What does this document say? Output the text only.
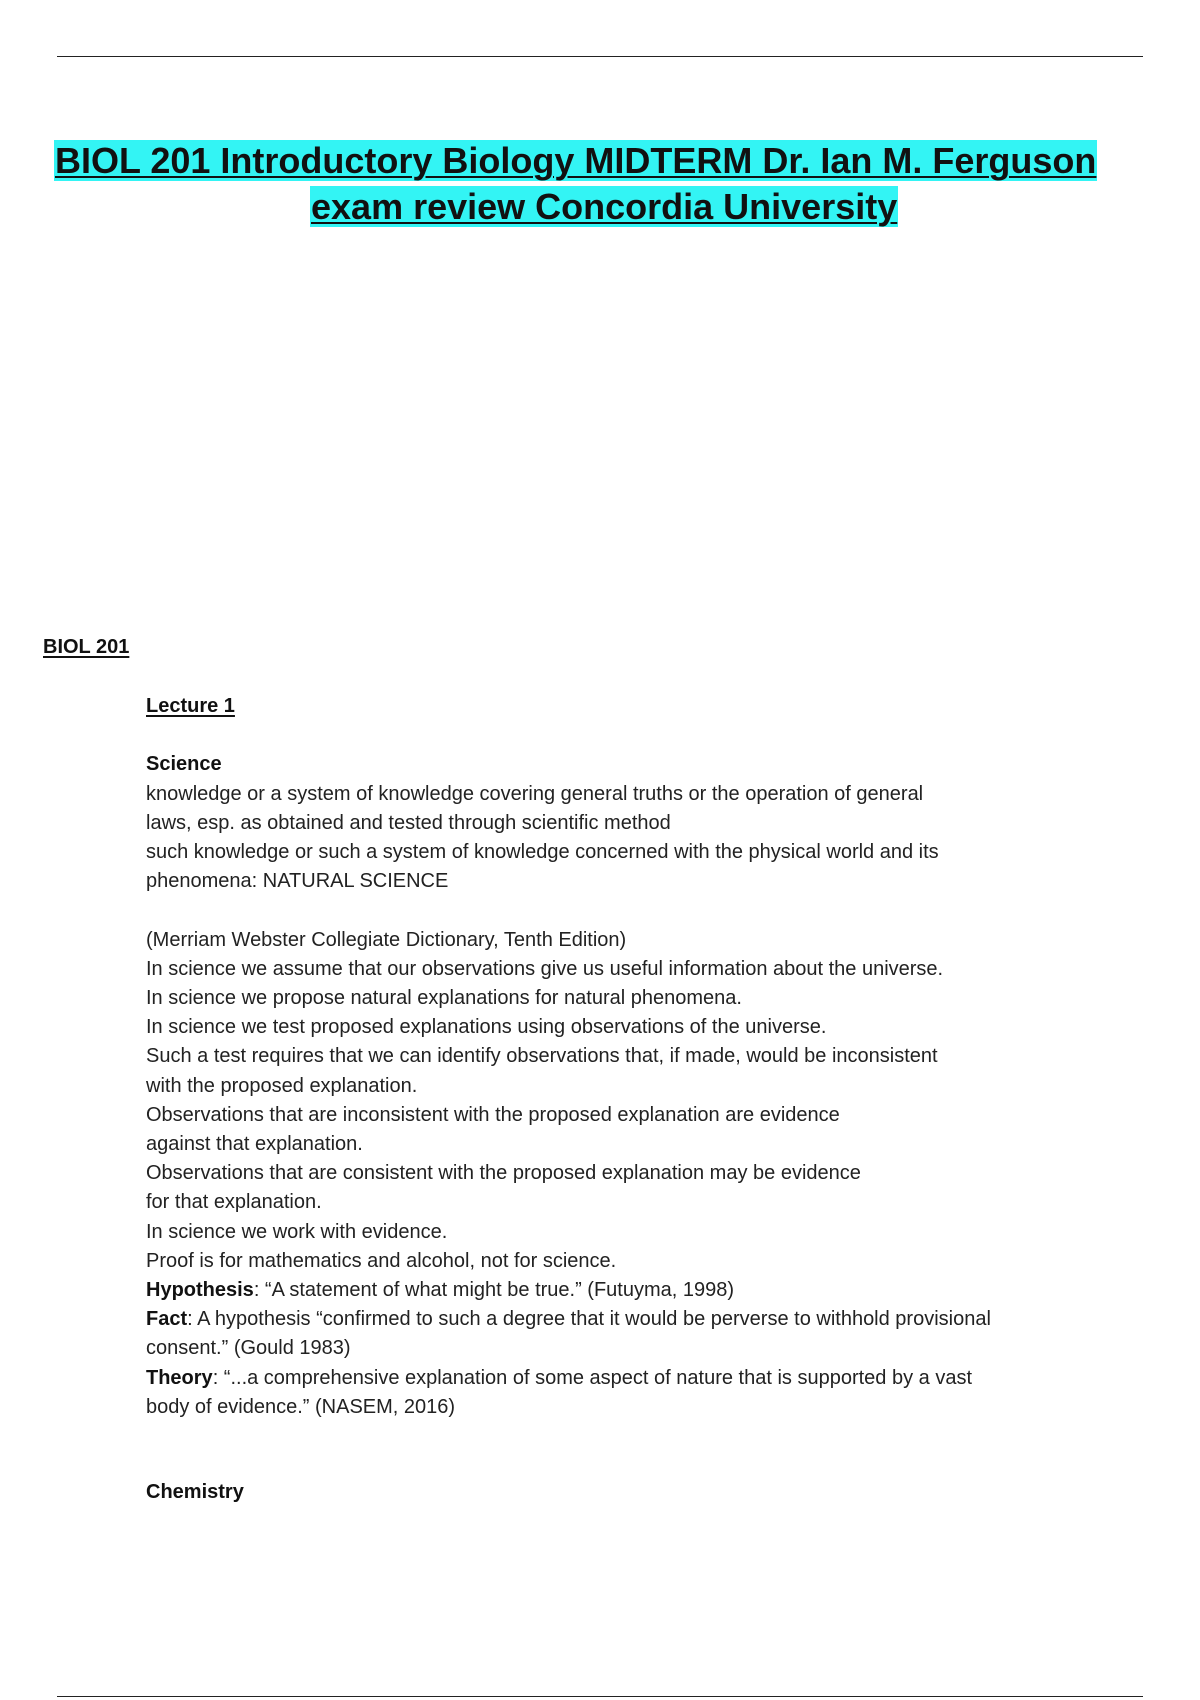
BIOL 201 Introductory Biology MIDTERM Dr. Ian M. Ferguson
exam review Concordia University
BIOL 201

Lecture 1

Science

knowledge or a system of knowledge covering general truths or the operation of general

laws, esp. as obtained and tested through scientific method

such knowledge or such a system of knowledge concerned with the physical world and its

phenomena: NATURAL SCIENCE

(Merriam Webster Collegiate Dictionary, Tenth Edition)

In science we assume that our observations give us useful information about the universe.

In science we propose natural explanations for natural phenomena.

In science we test proposed explanations using observations of the universe.

Such a test requires that we can identify observations that, if made, would be inconsistent

with the proposed explanation.

Observations that are inconsistent with the proposed explanation are evidence

against that explanation.

Observations that are consistent with the proposed explanation may be evidence

for that explanation.

In science we work with evidence.

Proof is for mathematics and alcohol, not for science.

Hypothesis: “A statement of what might be true.” (Futuyma, 1998)

Fact: A hypothesis “confirmed to such a degree that it would be perverse to withhold provisional

consent.” (Gould 1983)

Theory: “...a comprehensive explanation of some aspect of nature that is supported by a vast

body of evidence.” (NASEM, 2016)

Chemistry
